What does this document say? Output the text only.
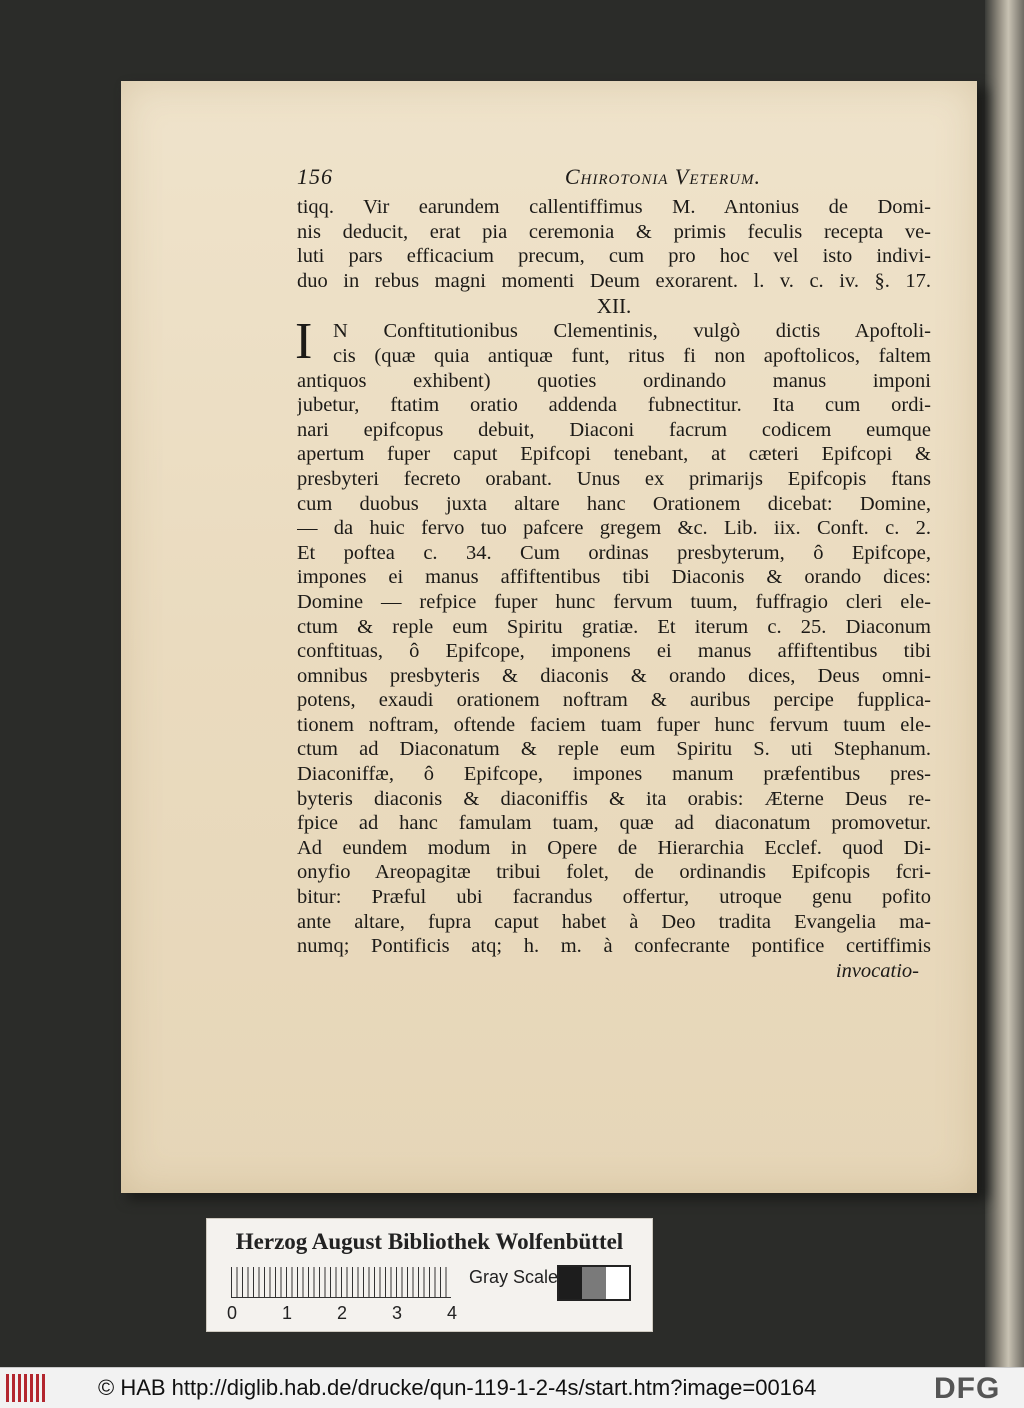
156	Chirotonia Veterum.
tiqq. Vir earundem callentiffimus M. Antonius de Domi-
nis deducit, erat pia ceremonia & primis feculis recepta ve-
luti pars efficacium precum, cum pro hoc vel isto indivi-
duo in rebus magni momenti Deum exorarent. l. v. c. iv. §. 17.
XII.
I	N Conftitutionibus Clementinis, vulgò dictis Apoftoli-
cis (quæ quia antiquæ funt, ritus fi non apoftolicos, faltem
antiquos exhibent) quoties ordinando manus imponi
jubetur, ftatim oratio addenda fubnectitur. Ita cum ordi-
nari epifcopus debuit, Diaconi facrum codicem eumque
apertum fuper caput Epifcopi tenebant, at cæteri Epifcopi &
presbyteri fecreto orabant. Unus ex primarijs Epifcopis ftans
cum duobus juxta altare hanc Orationem dicebat: Domine,
— da huic fervo tuo pafcere gregem &c. Lib. iix. Conft. c. 2.
Et poftea c. 34. Cum ordinas presbyterum, ô Epifcope,
impones ei manus affiftentibus tibi Diaconis & orando dices:
Domine — refpice fuper hunc fervum tuum, fuffragio cleri ele-
ctum & reple eum Spiritu gratiæ. Et iterum c. 25. Diaconum
conftituas, ô Epifcope, imponens ei manus affiftentibus tibi
omnibus presbyteris & diaconis & orando dices, Deus omni-
potens, exaudi orationem noftram & auribus percipe fupplica-
tionem noftram, oftende faciem tuam fuper hunc fervum tuum ele-
ctum ad Diaconatum & reple eum Spiritu S. uti Stephanum.
Diaconiffæ, ô Epifcope, impones manum præfentibus pres-
byteris diaconis & diaconiffis & ita orabis: Æterne Deus re-
fpice ad hanc famulam tuam, quæ ad diaconatum promovetur.
Ad eundem modum in Opere de Hierarchia Ecclef. quod Di-
onyfio Areopagitæ tribui folet, de ordinandis Epifcopis fcri-
bitur: Præful ubi facrandus offertur, utroque genu pofito
ante altare, fupra caput habet à Deo tradita Evangelia ma-
numq; Pontificis atq; h. m. à confecrante pontifice certiffimis
invocatio-
Herzog August Bibliothek Wolfenbüttel
0 1 2 3 4
Gray Scale
© HAB http://diglib.hab.de/drucke/qun-119-1-2-4s/start.htm?image=00164	DFG
